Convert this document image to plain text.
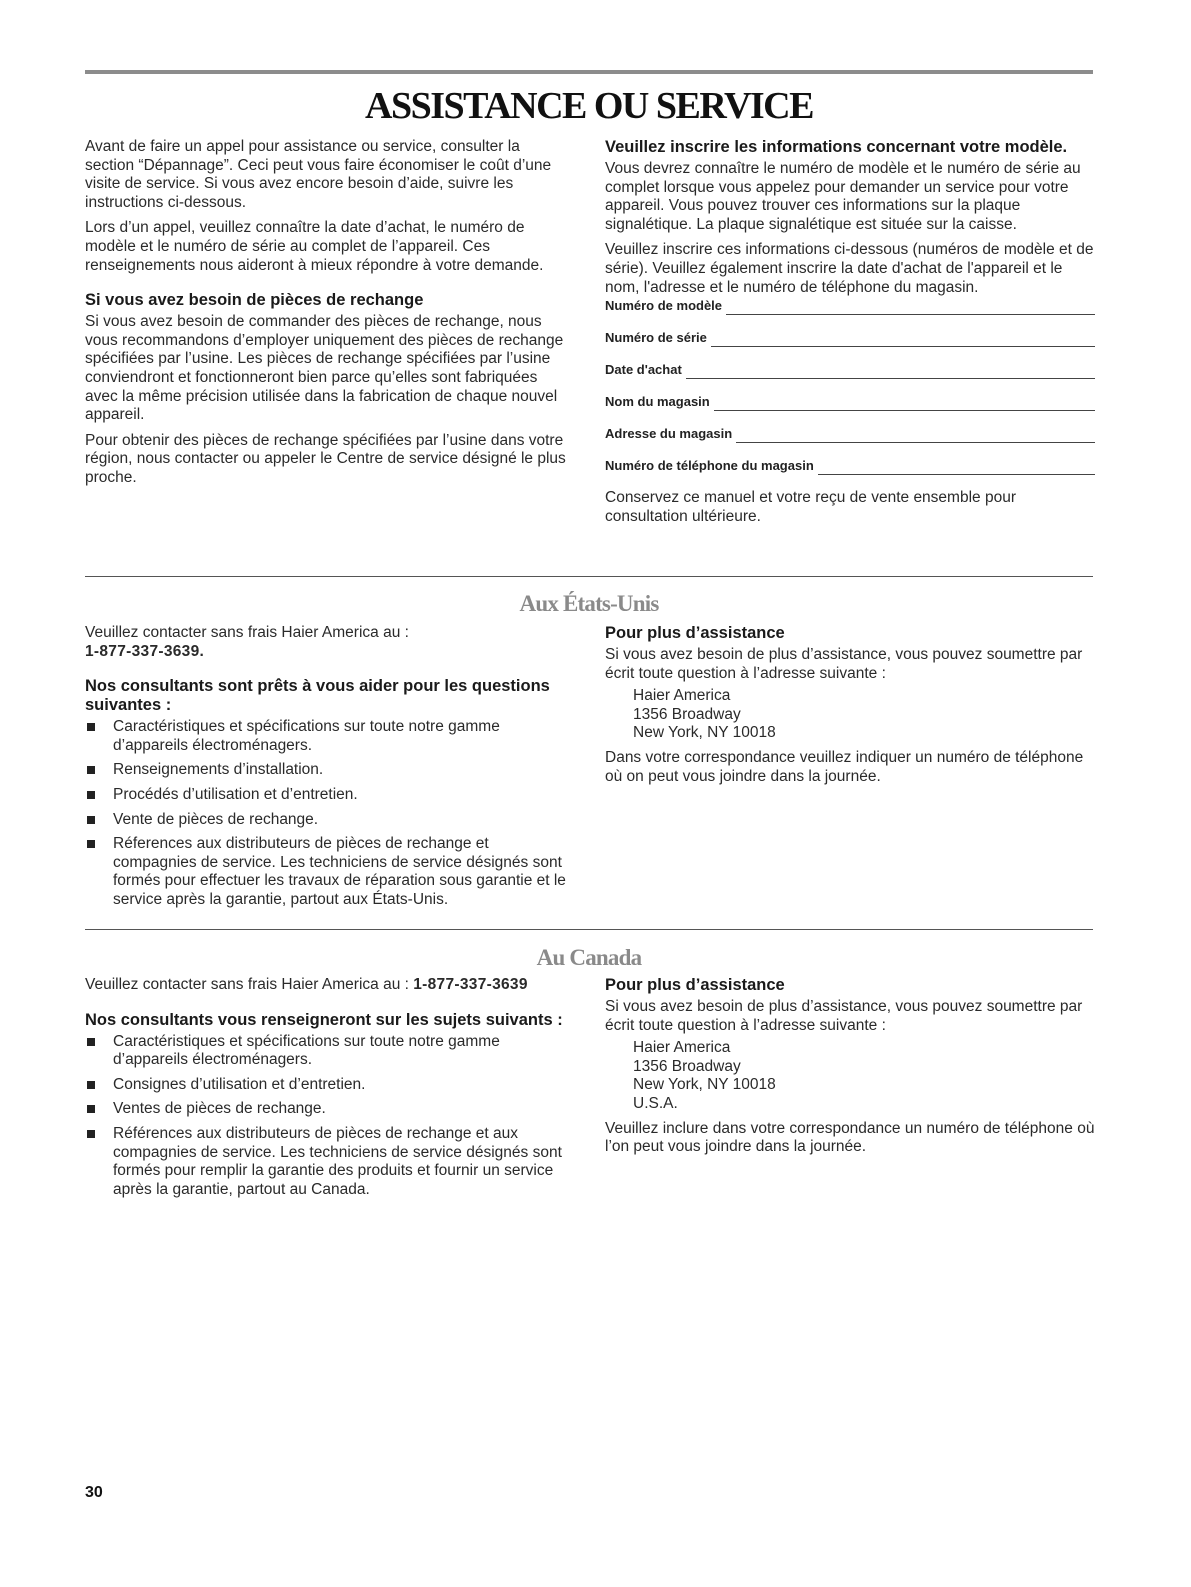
ASSISTANCE OU SERVICE

Avant de faire un appel pour assistance ou service, consulter la section “Dépannage”. Ceci peut vous faire économiser le coût d’une visite de service. Si vous avez encore besoin d’aide, suivre les instructions ci-dessous.

Lors d’un appel, veuillez connaître la date d’achat, le numéro de modèle et le numéro de série au complet de l’appareil. Ces renseignements nous aideront à mieux répondre à votre demande.

Si vous avez besoin de pièces de rechange

Si vous avez besoin de commander des pièces de rechange, nous vous recommandons d’employer uniquement des pièces de rechange spécifiées par l’usine. Les pièces de rechange spécifiées par l’usine conviendront et fonctionneront bien parce qu’elles sont fabriquées avec la même précision utilisée dans la fabrication de chaque nouvel appareil.

Pour obtenir des pièces de rechange spécifiées par l’usine dans votre région, nous contacter ou appeler le Centre de service désigné le plus proche.

Veuillez inscrire les informations concernant votre modèle.

Vous devrez connaître le numéro de modèle et le numéro de série au complet lorsque vous appelez pour demander un service pour votre appareil. Vous pouvez trouver ces informations sur la plaque signalétique. La plaque signalétique est située sur la caisse.

Veuillez inscrire ces informations ci-dessous (numéros de modèle et de série). Veuillez également inscrire la date d'achat de l'appareil et le nom, l'adresse et le numéro de téléphone du magasin.

Numéro de modèle
Numéro de série
Date d'achat
Nom du magasin
Adresse du magasin
Numéro de téléphone du magasin

Conservez ce manuel et votre reçu de vente ensemble pour consultation ultérieure.

Aux États-Unis
Veuillez contacter sans frais Haier America au :
1-877-337-3639.
Nos consultants sont prêts à vous aider pour les questions suivantes :
Caractéristiques et spécifications sur toute notre gamme d’appareils électroménagers.
Renseignements d’installation.
Procédés d’utilisation et d’entretien.
Vente de pièces de rechange.
Réferences aux distributeurs de pièces de rechange et compagnies de service. Les techniciens de service désignés sont formés pour effectuer les travaux de réparation sous garantie et le service après la garantie, partout aux États-Unis.
Pour plus d’assistance

Si vous avez besoin de plus d’assistance, vous pouvez soumettre par écrit toute question à l’adresse suivante :

Haier America
1356 Broadway
New York, NY 10018

Dans votre correspondance veuillez indiquer un numéro de téléphone où on peut vous joindre dans la journée.

Au Canada
Veuillez contacter sans frais Haier America au : 1-877-337-3639
Nos consultants vous renseigneront sur les sujets suivants :
Caractéristiques et spécifications sur toute notre gamme d’appareils électroménagers.
Consignes d’utilisation et d’entretien.
Ventes de pièces de rechange.
Références aux distributeurs de pièces de rechange et aux compagnies de service. Les techniciens de service désignés sont formés pour remplir la garantie des produits et fournir un service après la garantie, partout au Canada.
Pour plus d’assistance

Si vous avez besoin de plus d’assistance, vous pouvez soumettre par écrit toute question à l’adresse suivante :

Haier America
1356 Broadway
New York, NY 10018
U.S.A.

Veuillez inclure dans votre correspondance un numéro de téléphone où l’on peut vous joindre dans la journée.

30
